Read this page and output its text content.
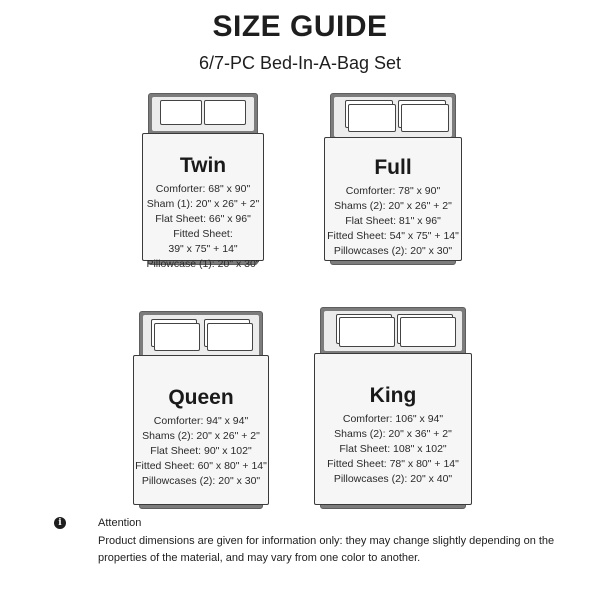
SIZE GUIDE
6/7-PC Bed-In-A-Bag Set
Twin
Comforter: 68" x 90"
Sham (1): 20" x 26" + 2"
Flat Sheet: 66" x 96"
Fitted Sheet:
39" x 75" + 14"
Pillowcase (1): 20" x 30"
Full
Comforter: 78" x 90"
Shams (2): 20" x 26" + 2"
Flat Sheet: 81" x 96"
Fitted Sheet: 54" x 75" + 14"
Pillowcases (2): 20" x 30"
Queen
Comforter: 94" x 94"
Shams (2): 20" x 26" + 2"
Flat Sheet: 90" x 102"
Fitted Sheet: 60" x 80" + 14"
Pillowcases (2): 20" x 30"
King
Comforter: 106" x 94"
Shams (2): 20" x 36" + 2"
Flat Sheet: 108" x 102"
Fitted Sheet: 78" x 80" + 14"
Pillowcases (2): 20" x 40"
i	Attention
Product dimensions are given for information only: they may change slightly depending on the properties of the material, and may vary from one color to another.
